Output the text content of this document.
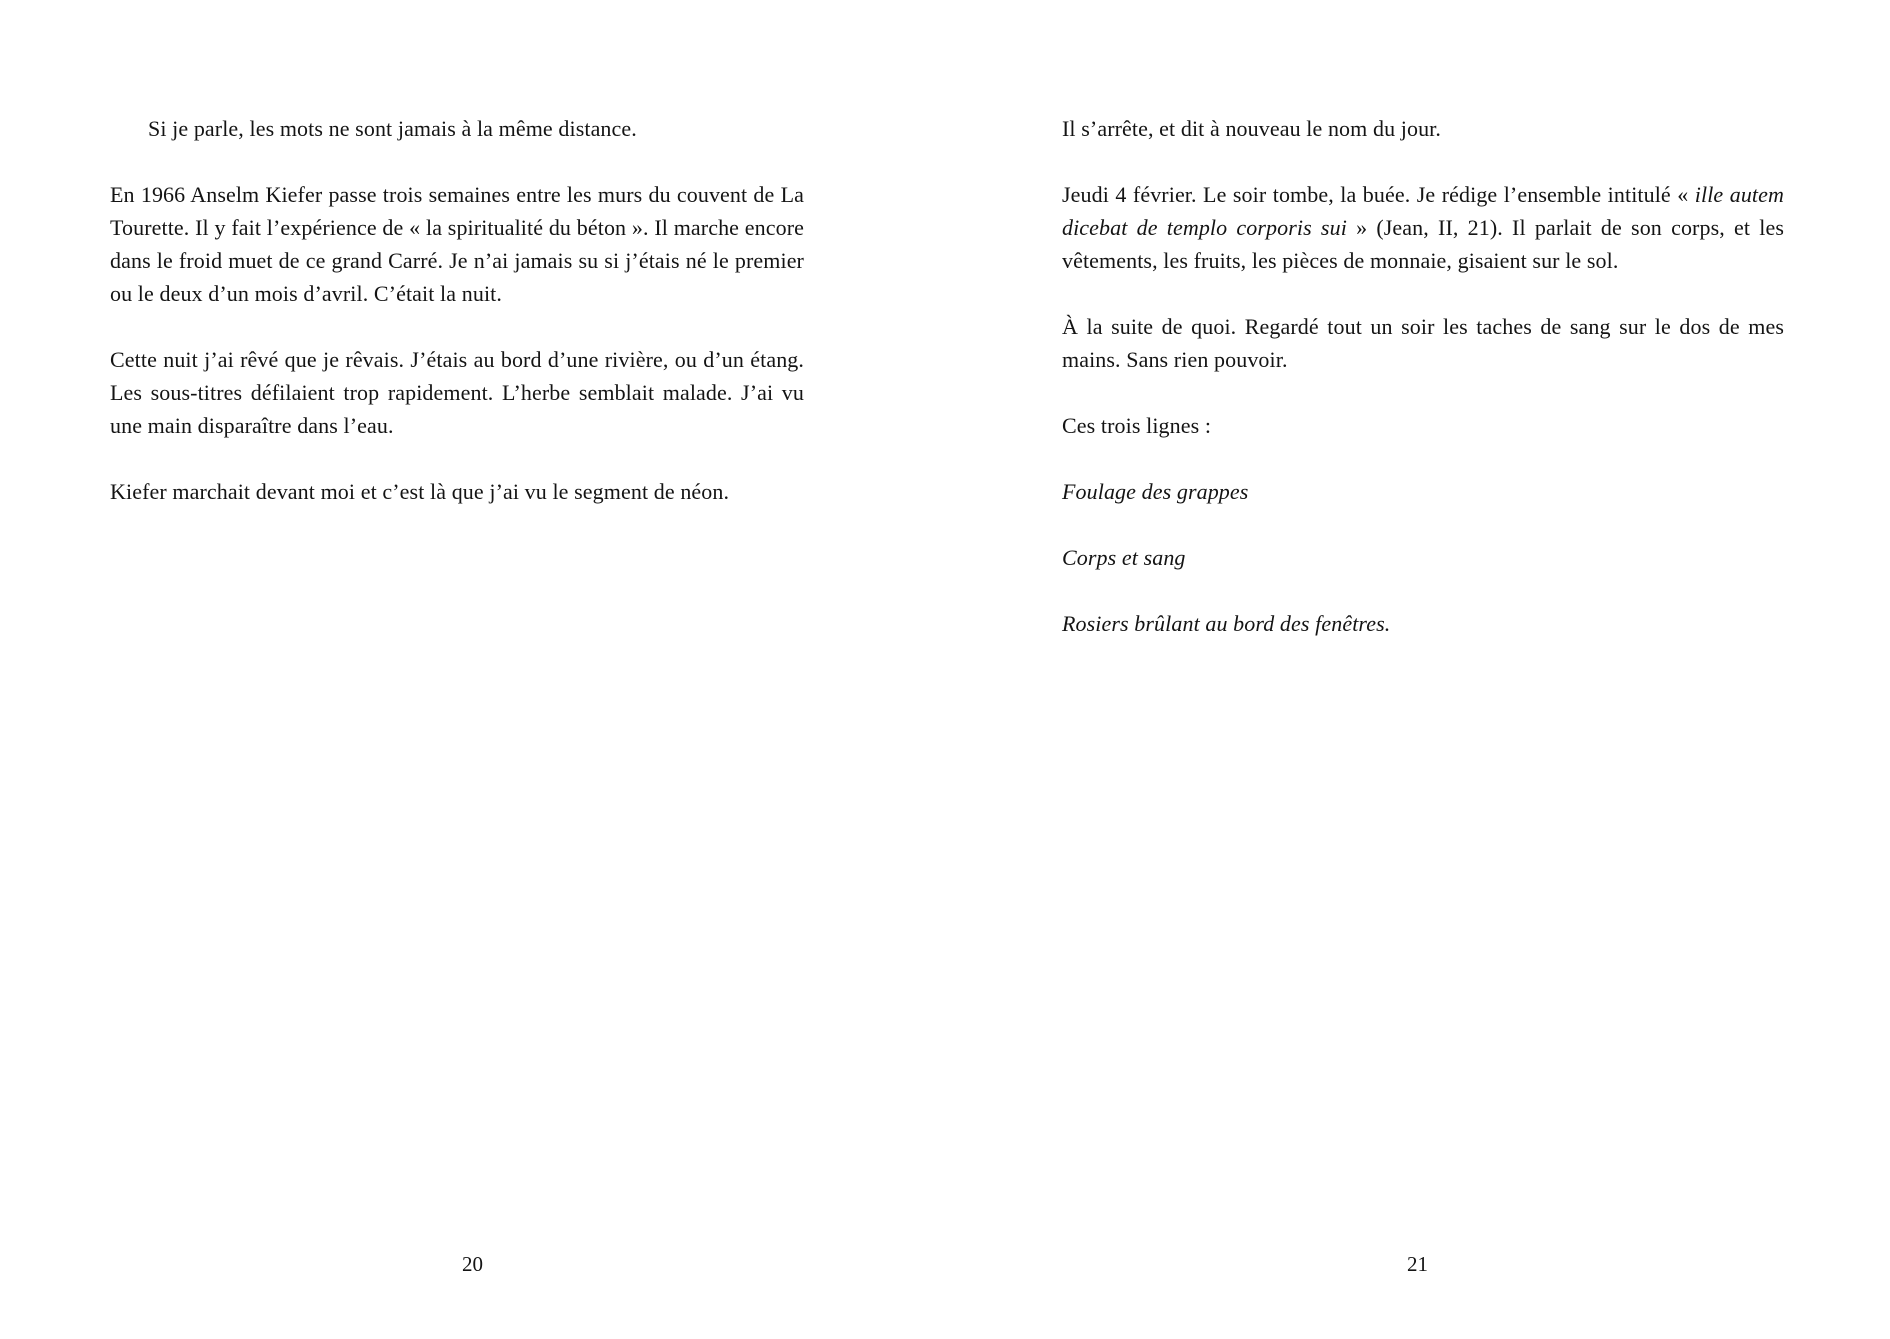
Si je parle, les mots ne sont jamais à la même distance.

En 1966 Anselm Kiefer passe trois semaines entre les murs du couvent de La Tourette. Il y fait l’expérience de « la spiritualité du béton ». Il marche encore dans le froid muet de ce grand Carré. Je n’ai jamais su si j’étais né le premier ou le deux d’un mois d’avril. C’était la nuit.

Cette nuit j’ai rêvé que je rêvais. J’étais au bord d’une rivière, ou d’un étang. Les sous-titres défilaient trop rapidement. L’herbe semblait malade. J’ai vu une main disparaître dans l’eau.

Kiefer marchait devant moi et c’est là que j’ai vu le segment de néon.

20

Il s’arrête, et dit à nouveau le nom du jour.

Jeudi 4 février. Le soir tombe, la buée. Je rédige l’ensemble intitulé « ille autem dicebat de templo corporis sui » (Jean, II, 21). Il parlait de son corps, et les vêtements, les fruits, les pièces de monnaie, gisaient sur le sol.

À la suite de quoi. Regardé tout un soir les taches de sang sur le dos de mes mains. Sans rien pouvoir.

Ces trois lignes :

Foulage des grappes

Corps et sang

Rosiers brûlant au bord des fenêtres.

21
